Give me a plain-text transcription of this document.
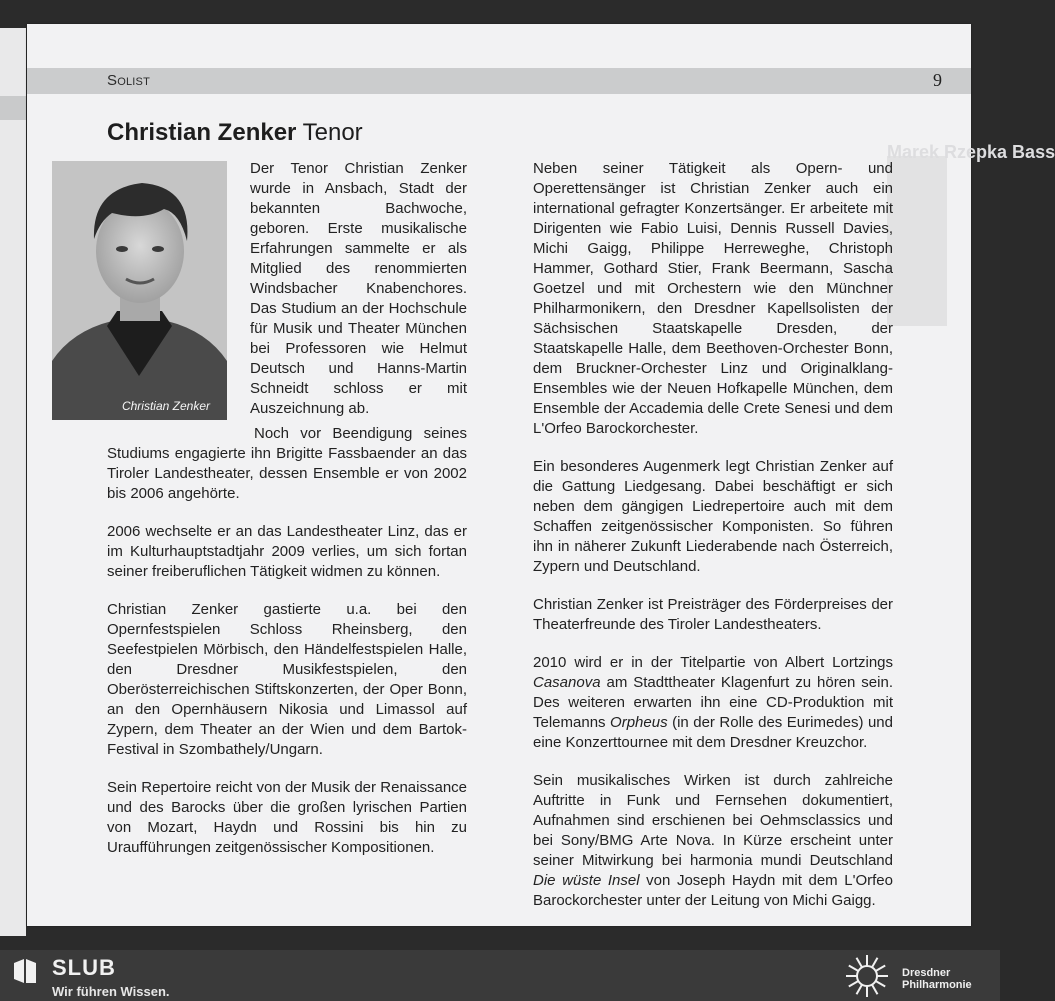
Marek Rzepka Bass
Solist	9
Christian Zenker Tenor
Christian Zenker

Der Tenor Christian Zenker wurde in Ansbach, Stadt der bekannten Bachwoche, geboren. Erste musikalische Erfahrungen sammelte er als Mitglied des renommierten Windsbacher Knabenchores. Das Studium an der Hochschule für Musik und Theater München bei Professoren wie Helmut Deutsch und Hanns-Martin Schneidt schloss er mit Auszeichnung ab.

Noch vor Beendigung seines Studiums engagierte ihn Brigitte Fassbaender an das Tiroler Landestheater, dessen Ensemble er von 2002 bis 2006 angehörte.

2006 wechselte er an das Landestheater Linz, das er im Kulturhauptstadtjahr 2009 verlies, um sich fortan seiner freiberuflichen Tätigkeit widmen zu können.

Christian Zenker gastierte u.a. bei den Opernfestspielen Schloss Rheinsberg, den Seefestpielen Mörbisch, den Händelfestspielen Halle, den Dresdner Musikfestspielen, den Oberösterreichischen Stiftskonzerten, der Oper Bonn, an den Opernhäusern Nikosia und Limassol auf Zypern, dem Theater an der Wien und dem Bartok-Festival in Szombathely/Ungarn.

Sein Repertoire reicht von der Musik der Renaissance und des Barocks über die großen lyrischen Partien von Mozart, Haydn und Rossini bis hin zu Uraufführungen zeitgenössischer Kompositionen.

Neben seiner Tätigkeit als Opern- und Operettensänger ist Christian Zenker auch ein international gefragter Konzertsänger. Er arbeitete mit Dirigenten wie Fabio Luisi, Dennis Russell Davies, Michi Gaigg, Philippe Herreweghe, Christoph Hammer, Gothard Stier, Frank Beermann, Sascha Goetzel und mit Orchestern wie den Münchner Philharmonikern, den Dresdner Kapellsolisten der Sächsischen Staatskapelle Dresden, der Staatskapelle Halle, dem Beethoven-Orchester Bonn, dem Bruckner-Orchester Linz und Originalklang-Ensembles wie der Neuen Hofkapelle München, dem Ensemble der Accademia delle Crete Senesi und dem L'Orfeo Barockorchester.

Ein besonderes Augenmerk legt Christian Zenker auf die Gattung Liedgesang. Dabei beschäftigt er sich neben dem gängigen Liedrepertoire auch mit dem Schaffen zeitgenössischer Komponisten. So führen ihn in näherer Zukunft Liederabende nach Österreich, Zypern und Deutschland.

Christian Zenker ist Preisträger des Förderpreises der Theaterfreunde des Tiroler Landestheaters.

2010 wird er in der Titelpartie von Albert Lortzings Casanova am Stadttheater Klagenfurt zu hören sein. Des weiteren erwarten ihn eine CD-Produktion mit Telemanns Orpheus (in der Rolle des Eurimedes) und eine Konzerttournee mit dem Dresdner Kreuzchor.

Sein musikalisches Wirken ist durch zahlreiche Auftritte in Funk und Fernsehen dokumentiert, Aufnahmen sind erschienen bei Oehmsclassics und bei Sony/BMG Arte Nova. In Kürze erscheint unter seiner Mitwirkung bei harmonia mundi Deutschland Die wüste Insel von Joseph Haydn mit dem L'Orfeo Barockorchester unter der Leitung von Michi Gaigg.

SLUB
Wir führen Wissen.
Dresdner
Philharmonie
